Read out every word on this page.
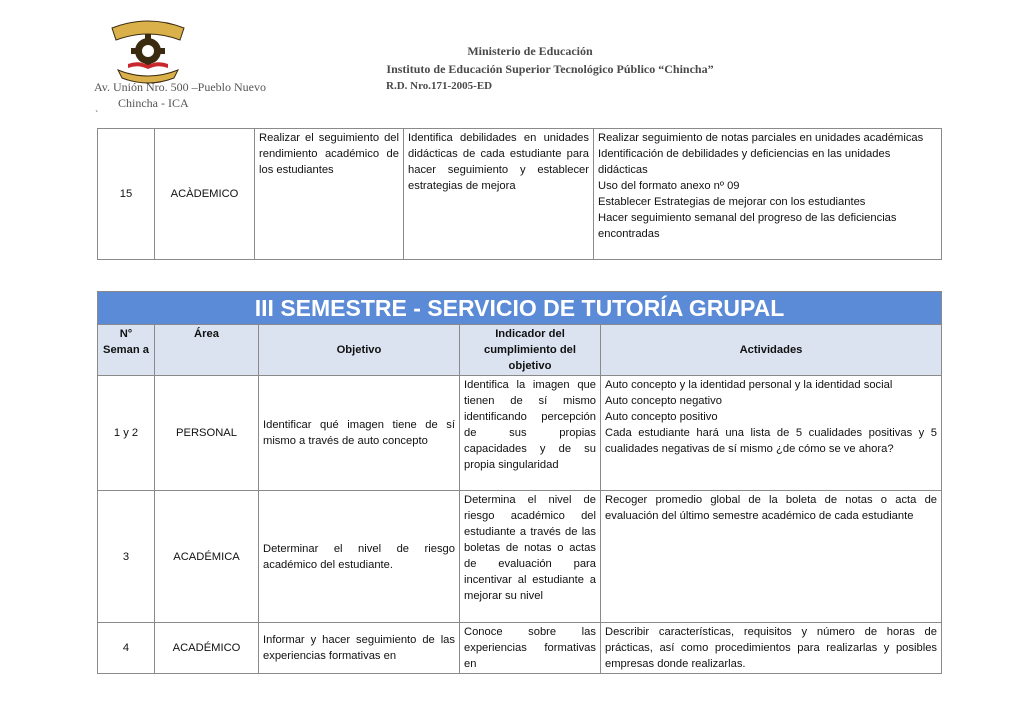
Ministerio de Educación
Instituto de Educación Superior Tecnológico Público “Chincha”
Av. Unión Nro. 500 –Pueblo Nuevo	R.D. Nro.171-2005-ED
Chincha - ICA
`
15	ACÀDEMICO	Realizar el seguimiento del rendimiento académico de los estudiantes	Identifica debilidades en unidades didácticas de cada estudiante para hacer seguimiento y establecer estrategias de mejora	
Realizar seguimiento de notas parciales en unidades académicas
Identificación de debilidades y deficiencias en las unidades didácticas
Uso del formato anexo nº 09
Establecer Estrategias de mejorar con los estudiantes
Hacer seguimiento semanal del progreso de las deficiencias encontradas
III SEMESTRE - SERVICIO DE TUTORÍA GRUPAL				
N° Seman a	Área	Objetivo	Indicador del cumplimiento del objetivo	Actividades
1 y 2	PERSONAL	Identificar qué imagen tiene de sí mismo a través de auto concepto	Identifica la imagen que tienen de sí mismo identificando percepción de sus propias capacidades y de su propia singularidad	Auto concepto y la identidad personal y la identidad social
Auto concepto negativo
Auto concepto positivo
Cada estudiante hará una lista de 5 cualidades positivas y 5 cualidades negativas de sí mismo ¿de cómo se ve ahora?

3	ACADÉMICA	Determinar el nivel de riesgo académico del estudiante.	Determina el nivel de riesgo académico del estudiante a través de las boletas de notas o actas de evaluación para incentivar al estudiante a mejorar su nivel	Recoger promedio global de la boleta de notas o acta de evaluación del último semestre académico de cada estudiante

4	ACADÉMICO	Informar y hacer seguimiento de las experiencias formativas en	Conoce sobre las experiencias formativas en	Describir características, requisitos y número de horas de prácticas, así como procedimientos para realizarlas y posibles empresas donde realizarlas.
